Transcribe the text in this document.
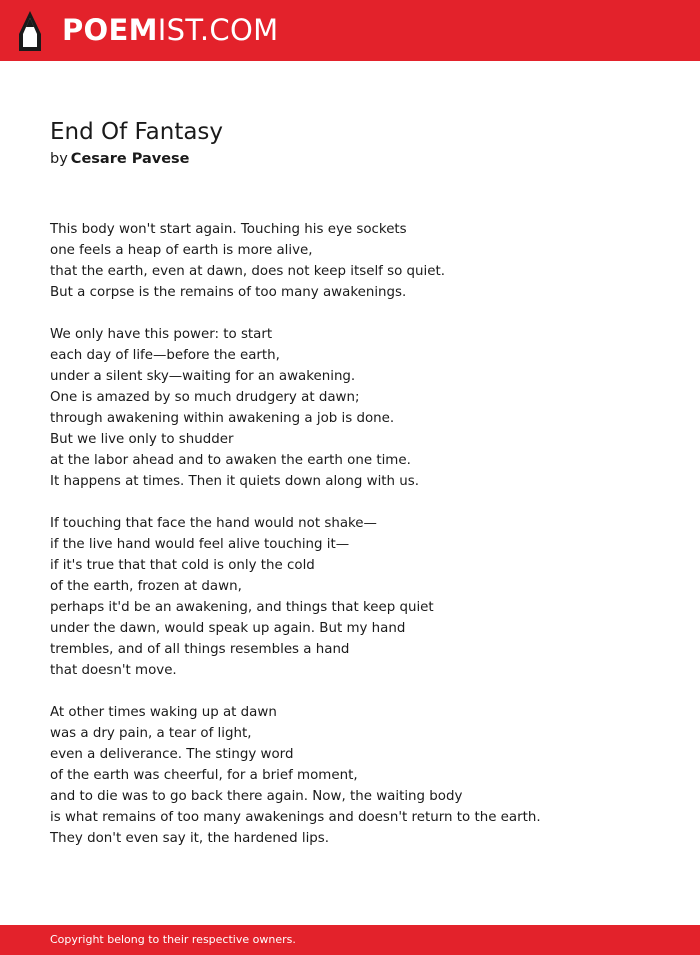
POEMIST.COM
End Of Fantasy
by Cesare Pavese

This body won't start again. Touching his eye sockets
one feels a heap of earth is more alive,
that the earth, even at dawn, does not keep itself so quiet.
But a corpse is the remains of too many awakenings.

We only have this power: to start
each day of life—before the earth,
under a silent sky—waiting for an awakening.
One is amazed by so much drudgery at dawn;
through awakening within awakening a job is done.
But we live only to shudder
at the labor ahead and to awaken the earth one time.
It happens at times. Then it quiets down along with us.

If touching that face the hand would not shake—
if the live hand would feel alive touching it—
if it's true that that cold is only the cold
of the earth, frozen at dawn,
perhaps it'd be an awakening, and things that keep quiet
under the dawn, would speak up again. But my hand
trembles, and of all things resembles a hand
that doesn't move.

At other times waking up at dawn
was a dry pain, a tear of light,
even a deliverance. The stingy word
of the earth was cheerful, for a brief moment,
and to die was to go back there again. Now, the waiting body
is what remains of too many awakenings and doesn't return to the earth.
They don't even say it, the hardened lips.

Copyright belong to their respective owners.
